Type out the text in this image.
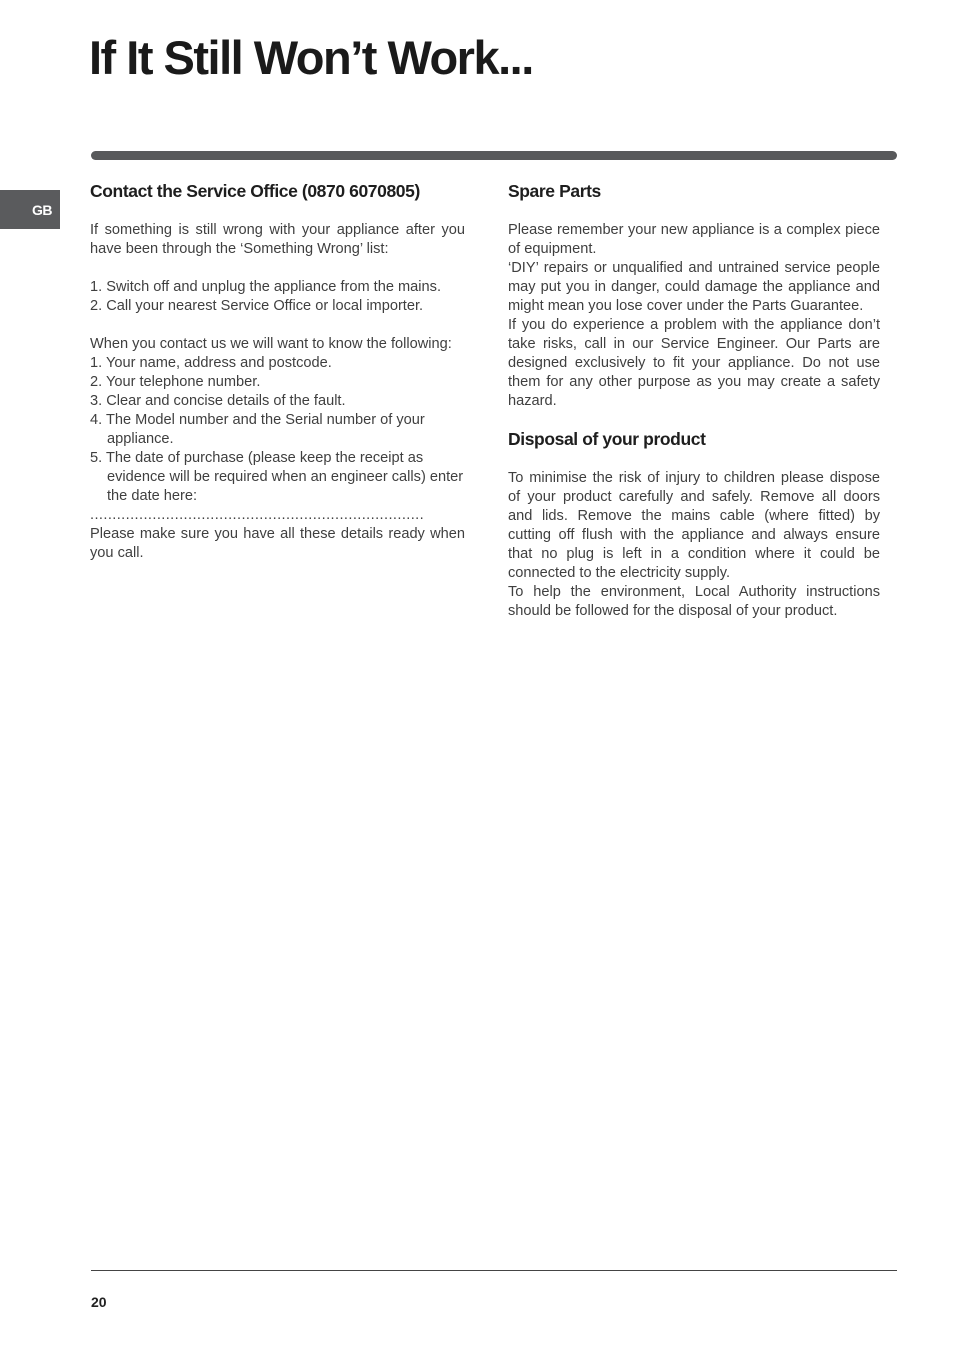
If It Still Won’t Work...
GB
Contact the Service Office (0870 6070805)

If something is still wrong with your appliance after you have been through the ‘Something Wrong’ list:

1. Switch off and unplug the appliance from the mains.
2. Call your nearest Service Office or local importer.

When you contact us we will want to know the following:

1. Your name, address and postcode.
2. Your telephone number.
3. Clear and concise details of the fault.
4. The Model number and the Serial number of your appliance.
5. The date of purchase (please keep the receipt as evidence will be required when an engineer calls) enter the date here:
...........................................................................

Please make sure you have all these details ready when you call.

Spare Parts

Please remember your new appliance is a complex piece of equipment.

‘DIY’ repairs or unqualified and untrained service people may put you in danger, could damage the appliance and might mean you lose cover under the Parts Guarantee.

If you do experience a problem with the appliance don’t take risks, call in our Service Engineer. Our Parts are designed exclusively to fit your appliance. Do not use them for any other purpose as you may create a safety hazard.

Disposal of your product

To minimise the risk of injury to children please dispose of your product carefully and safely. Remove all doors and lids. Remove the mains cable (where fitted) by cutting off flush with the appliance and always ensure that no plug is left in a condition where it could be connected to the electricity supply.

To help the environment, Local Authority instructions should be followed for the disposal of your product.

20
